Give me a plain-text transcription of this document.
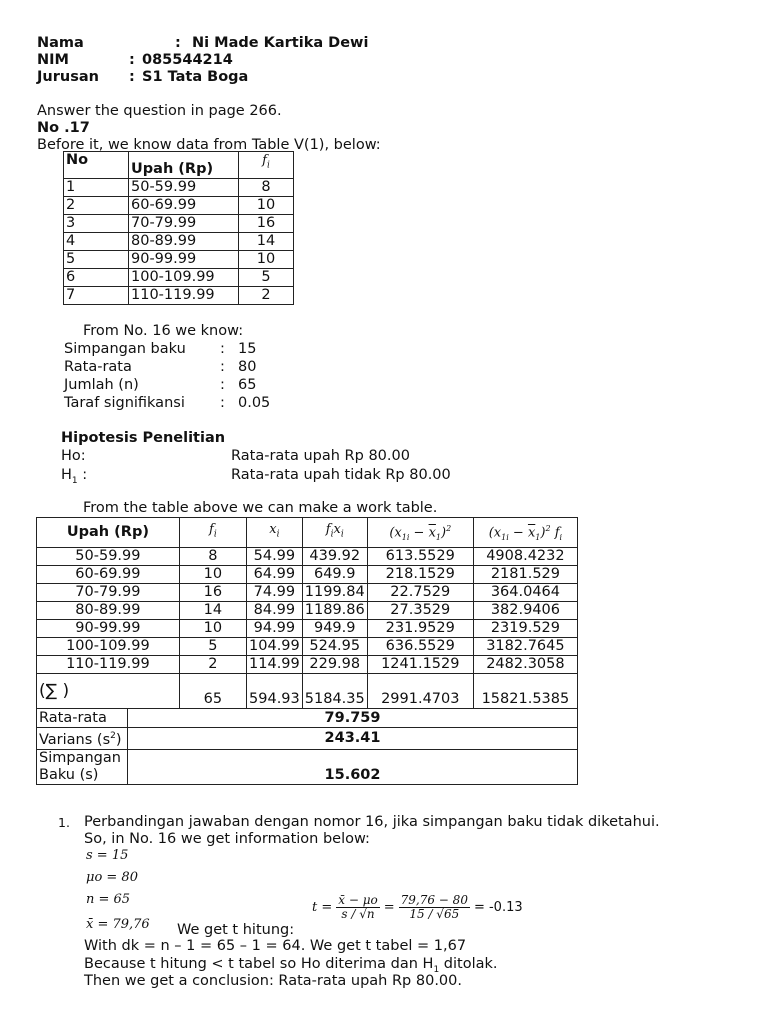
Nama	: Ni Made Kartika Dewi
NIM	: 085544214
Jurusan : S1 Tata Boga
Answer the question in page 266.
No .17
Before it, we know data from Table V(1), below:
No	Upah (Rp)	$f_i$
1	50-59.99	8
2	60-69.99	10
3	70-79.99	16
4	80-89.99	14
5	90-99.99	10
6	100-109.99	5
7	110-119.99	2
From No. 16 we know:
Simpangan baku : 15
Rata-rata	: 80
Jumlah (n)	: 65
Taraf signifikansi : 0.05
Hipotesis Penelitian
Ho:	Rata-rata upah Rp 80.00
$H_1$ :	Rata-rata upah tidak Rp 80.00
From the table above we can make a work table.
Upah (Rp)	$f_i$	$x_i$	$f_ix_i$	$(x_{1i} - \overline{x}_1)^2$	$(x_{1i} - \overline{x}_1)^2$ $f_i$
50-59.99	8	54.99	439.92	613.5529	4908.4232
60-69.99	10	64.99	649.9	218.1529	2181.529
70-79.99	16	74.99	1199.84	22.7529	364.0464
80-89.99	14	84.99	1189.86	27.3529	382.9406
90-99.99	10	94.99	949.9	231.9529	2319.529
100-109.99	5	104.99	524.95	636.5529	3182.7645
110-119.99	2	114.99	229.98	1241.1529	2482.3058
(∑ )	65	594.93	5184.35	2991.4703	15821.5385
Rata-rata	79.759
Varians $(s^2)$	243.41
Simpangan Baku (s)	15.602
1. Perbandingan jawaban dengan nomor 16, jika simpangan baku tidak diketahui.
So, in No. 16 we get information below:
s = 15
μo = 80
n = 65
x̄ = 79,76 We get t hitung:
$t = \frac{x̄ - \mu o}{s / √n} = \frac{79,76 - 80}{15 / √65} = -0.13$
With dk = n – 1 = 65 – 1 = 64. We get t tabel = 1,67
Because t hitung < t tabel so Ho diterima dan $H_1$ ditolak.
Then we get a conclusion: Rata-rata upah Rp 80.00.
